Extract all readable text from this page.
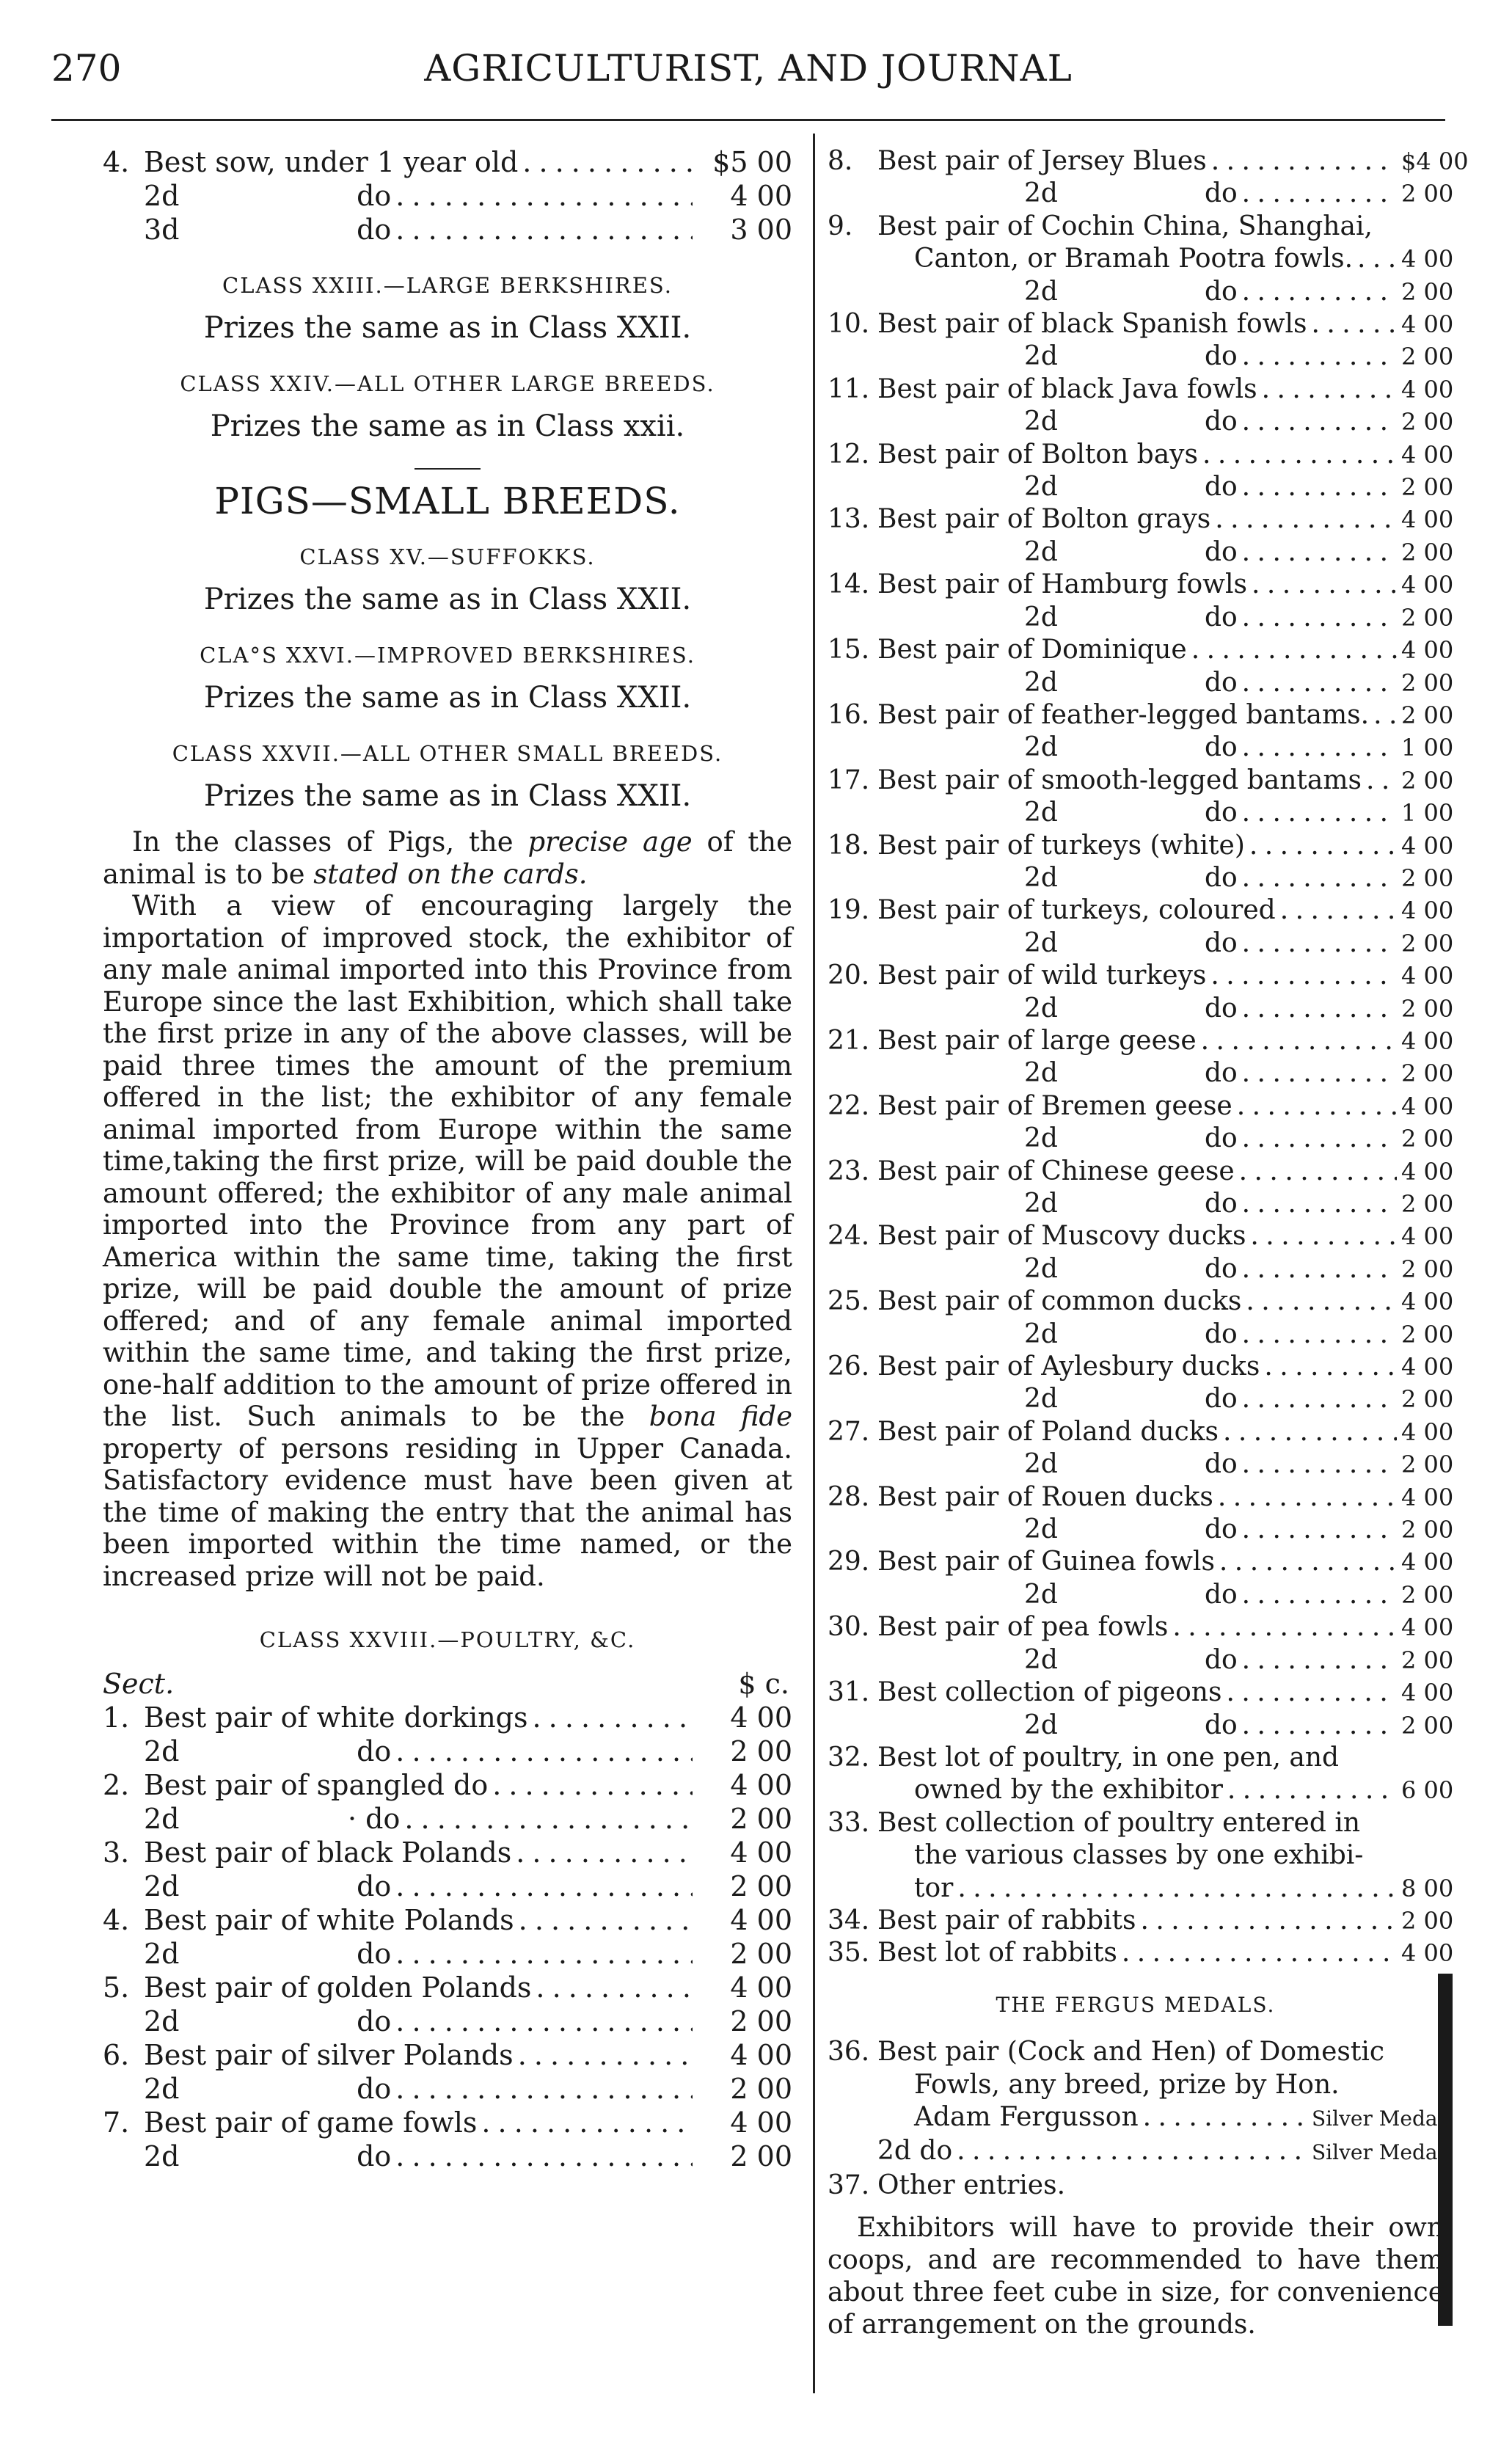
270	AGRICULTURIST, AND JOURNAL
4. Best sow, under 1 year old . . .	$5 00
2d                    do . . .	4 00
3d                    do . . .	3 00
CLASS XXIII.—LARGE BERKSHIRES.
Prizes the same as in Class XXII.
CLASS XXIV.—ALL OTHER LARGE BREEDS.
Prizes the same as in Class xxii.
PIGS—SMALL BREEDS.
CLASS XV.—SUFFOKKS.
Prizes the same as in Class XXII.
CLA°S XXVI.—IMPROVED BERKSHIRES.
Prizes the same as in Class XXII.
CLASS XXVII.—ALL OTHER SMALL BREEDS.
Prizes the same as in Class XXII.

In the classes of Pigs, the precise age of the animal is to be stated on the cards.

With a view of encouraging largely the importation of improved stock, the exhibitor of any male animal imported into this Province from Europe since the last Exhibition, which shall take the first prize in any of the above classes, will be paid three times the amount of the premium offered in the list; the exhibitor of any female animal imported from Europe within the same time,taking the first prize, will be paid double the amount offered; the exhibitor of any male animal imported into the Province from any part of America within the same time, taking the first prize, will be paid double the amount of prize offered; and of any female animal imported within the same time, and taking the first prize, one-half addition to the amount of prize offered in the list. Such animals to be the bona fide property of persons residing in Upper Canada. Satisfactory evidence must have been given at the time of making the entry that the animal has been imported within the time named, or the increased prize will not be paid.

CLASS XXVIII.—POULTRY, &C.
Sect.	$ c.
1. Best pair of white dorkings . . .	4 00
2d                    do . . .	2 00
2. Best pair of spangled do . . .	4 00
2d                   · do . . .	2 00
3. Best pair of black Polands . . .	4 00
2d                    do . . .	2 00
4. Best pair of white Polands . . .	4 00
2d                    do . . .	2 00
5. Best pair of golden Polands . . .	4 00
2d                    do . . .	2 00
6. Best pair of silver Polands . . .	4 00
2d                    do . . .	2 00
7. Best pair of game fowls . . .	4 00
2d                    do . . .	2 00
8. Best pair of Jersey Blues . . .	$4 00
2d	do . . .	2 00
9. Best pair of Cochin China, Shanghai,
Canton, or Bramah Pootra fowls. . . . 4 00
2d	do . . .	2 00
10. Best pair of black Spanish fowls . . .	4 00
2d	do . . .	2 00
11. Best pair of black Java fowls . . .	4 00
2d	do . . .	2 00
12. Best pair of Bolton bays . . .	4 00
2d	do . . .	2 00
13. Best pair of Bolton grays . . .	4 00
2d	do . . .	2 00
14. Best pair of Hamburg fowls . . .	4 00
2d	do . . .	2 00
15. Best pair of Dominique . . .	4 00
2d	do . . .	2 00
16. Best pair of feather-legged bantams. . . . 2 00
2d	do . . .	1 00
17. Best pair of smooth-legged bantams . . . 2 00
2d	do . . .	1 00
18. Best pair of turkeys (white) . . .	4 00
2d	do . . .	2 00
19. Best pair of turkeys, coloured . . .	4 00
2d	do . . .	2 00
20. Best pair of wild turkeys . . .	4 00
2d	do . . .	2 00
21. Best pair of large geese . . .	4 00
2d	do . . .	2 00
22. Best pair of Bremen geese . . .	4 00
2d	do . . .	2 00
23. Best pair of Chinese geese . . .	4 00
2d	do . . .	2 00
24. Best pair of Muscovy ducks . . .	4 00
2d	do . . .	2 00
25. Best pair of common ducks . . .	4 00
2d	do . . .	2 00
26. Best pair of Aylesbury ducks . . .	4 00
2d	do . . .	2 00
27. Best pair of Poland ducks . . .	4 00
2d	do . . .	2 00
28. Best pair of Rouen ducks . . .	4 00
2d	do . . .	2 00
29. Best pair of Guinea fowls . . .	4 00
2d	do . . .	2 00
30. Best pair of pea fowls . . .	4 00
2d	do . . .	2 00
31. Best collection of pigeons . . .	4 00
2d	do . . .	2 00
32. Best lot of poultry, in one pen, and
owned by the exhibitor . . .	6 00
33. Best collection of poultry entered in
the various classes by one exhibi-
tor . . .	8 00
34. Best pair of rabbits . . .	2 00
35. Best lot of rabbits . . .	4 00
THE FERGUS MEDALS.
36. Best pair (Cock and Hen) of Domestic
Fowls, any breed, prize by Hon.
Adam Fergusson . . .	Silver Medal
2d do . . .	Silver Medal
37. Other entries.

Exhibitors will have to provide their own coops, and are recommended to have them about three feet cube in size, for convenience of arrangement on the grounds.
